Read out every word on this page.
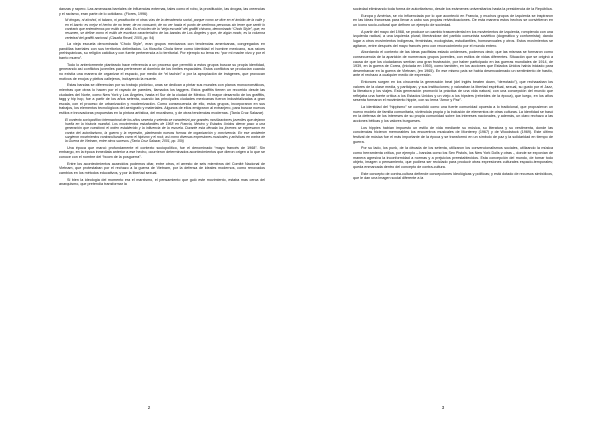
danzas y rapero. Las amenazas barriales de influencias externas, tales como el robo, la prostitución, las drogas, las creencias y el racismo, eran parte de lo cotidiano. (Flores, 1996)

Ni drogas, ni alcohol, ni tabaco, ni prostitución ni otras vías de la decadencia social, porque como se dice en el ámbito de la calle y en el barrio: es mejor el hecho de no tener, de no consumir, de no ver hasta el punto de sentirnos personas sin tener que sentir lo contrario que entendemos por estilo de vida. Es el núcleo de la “vieja escuela” del graffiti chicano, denominado “Cholo Style”, que, en resumen, se define como el estilo de escritura característico de las bandas de Los Ángeles y que, de algún modo, es la columna vertebral del graffiti nacional. (Claudia Rosell, 2005, pp. 94)

La vieja escuela denominada “Cholo Style”, eran grupos mexicanos con tendencias americanas, congregados en pandillas barriales con sus territorios delimitados. La filosofía Chola tiene como identidad el hombre mexicano, sus raíces prehispánicas, su religión católica y con fuerte pertenencia a lo territorial. Por ejemplo su lema es: “por mi madre vivo y por el barrio muero”.

Todo lo anteriormente planteado hace referencia a un proceso que permitió a estos grupos buscar su propia identidad, generando así conflictos juveniles para pertenecer al dominio de los límites espaciales. Estos conflictos se producían cuando no existía una manera de organizar el espacio, por medio de “el tachón” o por la apropiación de imágenes, que provocan motivos de enojos y pleitos callejeros, incluyendo la muerte.

Estas bandas se diferencian por su trabajo pictórico, unas se dedican a pintar sus murales con planos monocromáticos, mientras que otras lo hacen por el rayado de paredes, llamados los taggers. Estos graffitis tienen un recorrido desde las ciudades del Norte, como New York y Los Ángeles, hasta el Sur de la ciudad de México. El mayor desarrollo de los graffitis, tagg y hip hop, fue a partir de los años setenta, cuando las principales ciudades mexicanas fueron industrializadas a gran escala, con el proceso de urbanización y modernización. Como consecuencia de ello, estos grupos, incorporaron en sus trabajos, los elementos tecnológicos del aerógrafo y materiales. Algunos de ellos emigraron al extranjero, para buscar nuevos estilos e innovadoras propuestas en la pintura artística, del muralismo, y de otras tendencias modernas. (Tania Cruz Salazar)

El contexto sociopolítico internacional de los años sesenta y setenta se caracterizó por grandes movilizaciones juveniles que dejaron huella en la historia mundial. Los movimientos estudiantiles de 1968 en Francia, México y Estados Unidos dieron paso a una generación que cuestionó el orden establecido y la influencia de la escuela. Durante esta década los jóvenes se expresaron en contra del autoritarismo, la guerra y la represión, planteando nuevas formas de organización y convivencia. En ese ambiente surgieron movimientos contraculturales como el hipismo y el rock, así como diversas expresiones musicales y artísticas en contra de la Guerra de Vietnam, entre otros sucesos. (Tania Cruz Salazar, 2001, pp. 159)

Una época que marcó profundamente el contexto sociopolítico, fue el denominado “mayo francés de 1968”. Sin embargo, en la época inmediata anterior a ese hecho, ocurrieron determinados acontecimientos que dieron origen a lo que se conoce con el nombre del “boom de la posguerra”.

Entre los acontecimientos acaecidos podemos citar, entre otros, el arresto de seis miembros del Comité Nacional de Vietnam, que protestaban por el rechazo a la guerra de Vietnam, por la defensa de ideales modernos, como renovados cambios en los métodos educativos, y por la libertad sexual.

Si bien la ideología del momento era el marxismo, el pensamiento que guió este movimiento, estaba mas cerca del anarquismo, que pretendía transformar la

2

sociedad eliminando toda forma de autoritarismo, desde los exámenes universitarios hasta la presidencia de la República.

Europa y América, se vio influenciada por lo que aconteció en Francia, y muchos grupos de izquierda se inspiraron en las ideas francesas para llevar a cabo sus propias reivindicaciones. De esta manera estos hechos se convirtieron en un ícono socio-cultural que definen un ejemplo de sociedad.

A partir del mayo del 1968, se produce un cambio trascendental en los movimientos de izquierda, rompiendo con una izquierda radical, a una izquierda plural; liberándose del partido comunista soviético (dogmático y conformista); dando lugar a otros movimientos indígenas, feministas, ecologistas, estudiantiles, homosexuales y otros. Estos movimientos se agitaron, entre después del mayo francés pero con reconocimiento por el mundo entero.

Abordando el contexto de las ideas pacifistas estado unidenses, podemos decir, que las mismas se formaron como consecuencia de la aparición de numerosos grupos juveniles, con estilos de vidas diferentes. Situación que se originó a causa de que los ciudadanos sentían una gran frustración, por haber participado en las guerras mundiales de 1914, de 1939, en la guerra de Corea, (iniciada en 1950), como también, en los acciones que Estados Unidos había iniciado para desembarcar en la guerra de Vietnam, (en 1965). En ese mismo país se había desencadenado un sentimiento de hastío, ante el rechazo a cualquier medio de expresión.

Entonces surgen en los cincuenta la generación beat (del inglés beaten down, “derrotado”), que rechazaban los valores de la clase media, y participan, y sus instituciones; y valoraban la libertad espiritual, sexual, su gusto por el Jazz, la literatura y los viajes. Esta generación promovió la práctica de una vida natural, con una concepción del mundo que reflejaba una fuerte crítica a los Estados Unidos y un viejo a los hipsters (rebeldes de la época), que luego, en los años sesenta formaron el movimiento hippie, con su lema “Amor y Paz”.

La identidad del “hippismo” se consolidó como una fuerte comunidad opuesta a lo tradicional, que propusieron un nuevo modelo de familia comunitaria, viviéndola propia y la inclusión de elementos de otras culturas. La identidad se basó en la defensa de los intereses de su propia comunidad sobre los intereses nacionales, y además, un claro rechazo a las acciones bélicas y los valores burgueses.

Los hippies habían impuesto un estilo de vida mediante su música, su literatura y su vestimenta, donde las conciencias hicieron memorables los encuentros musicales de Monterey (1967) y de Woodstock (1969). Este último festival de música fue el más importante de la época y se transformó en un símbolo de paz y la solidaridad en tiempo de guerra.

Por su lado, los punk, de la década de los setenta, utilizaron los convencionalismos sociales, utilizando la música como herramienta crítica, por ejemplo – bandas como los Sex Pistols, los New York Dolls y otras -, donde se exponían de manera agresiva la inconformidad a normas y a prejuicios preestablecidos. Esta concepción del mundo, de tomar todo objeto, imagen o pensamiento, que pudiera ser reciclado para producir otras expresiones culturales espacio-temporales; queda enmarcada dentro del concepto de contra-cultura.

Este concepto de contra-cultura defiende concepciones ideológicas y políticas; y está dotado de recursos simbólicos, que le dan una imagen social diferente a la

3
